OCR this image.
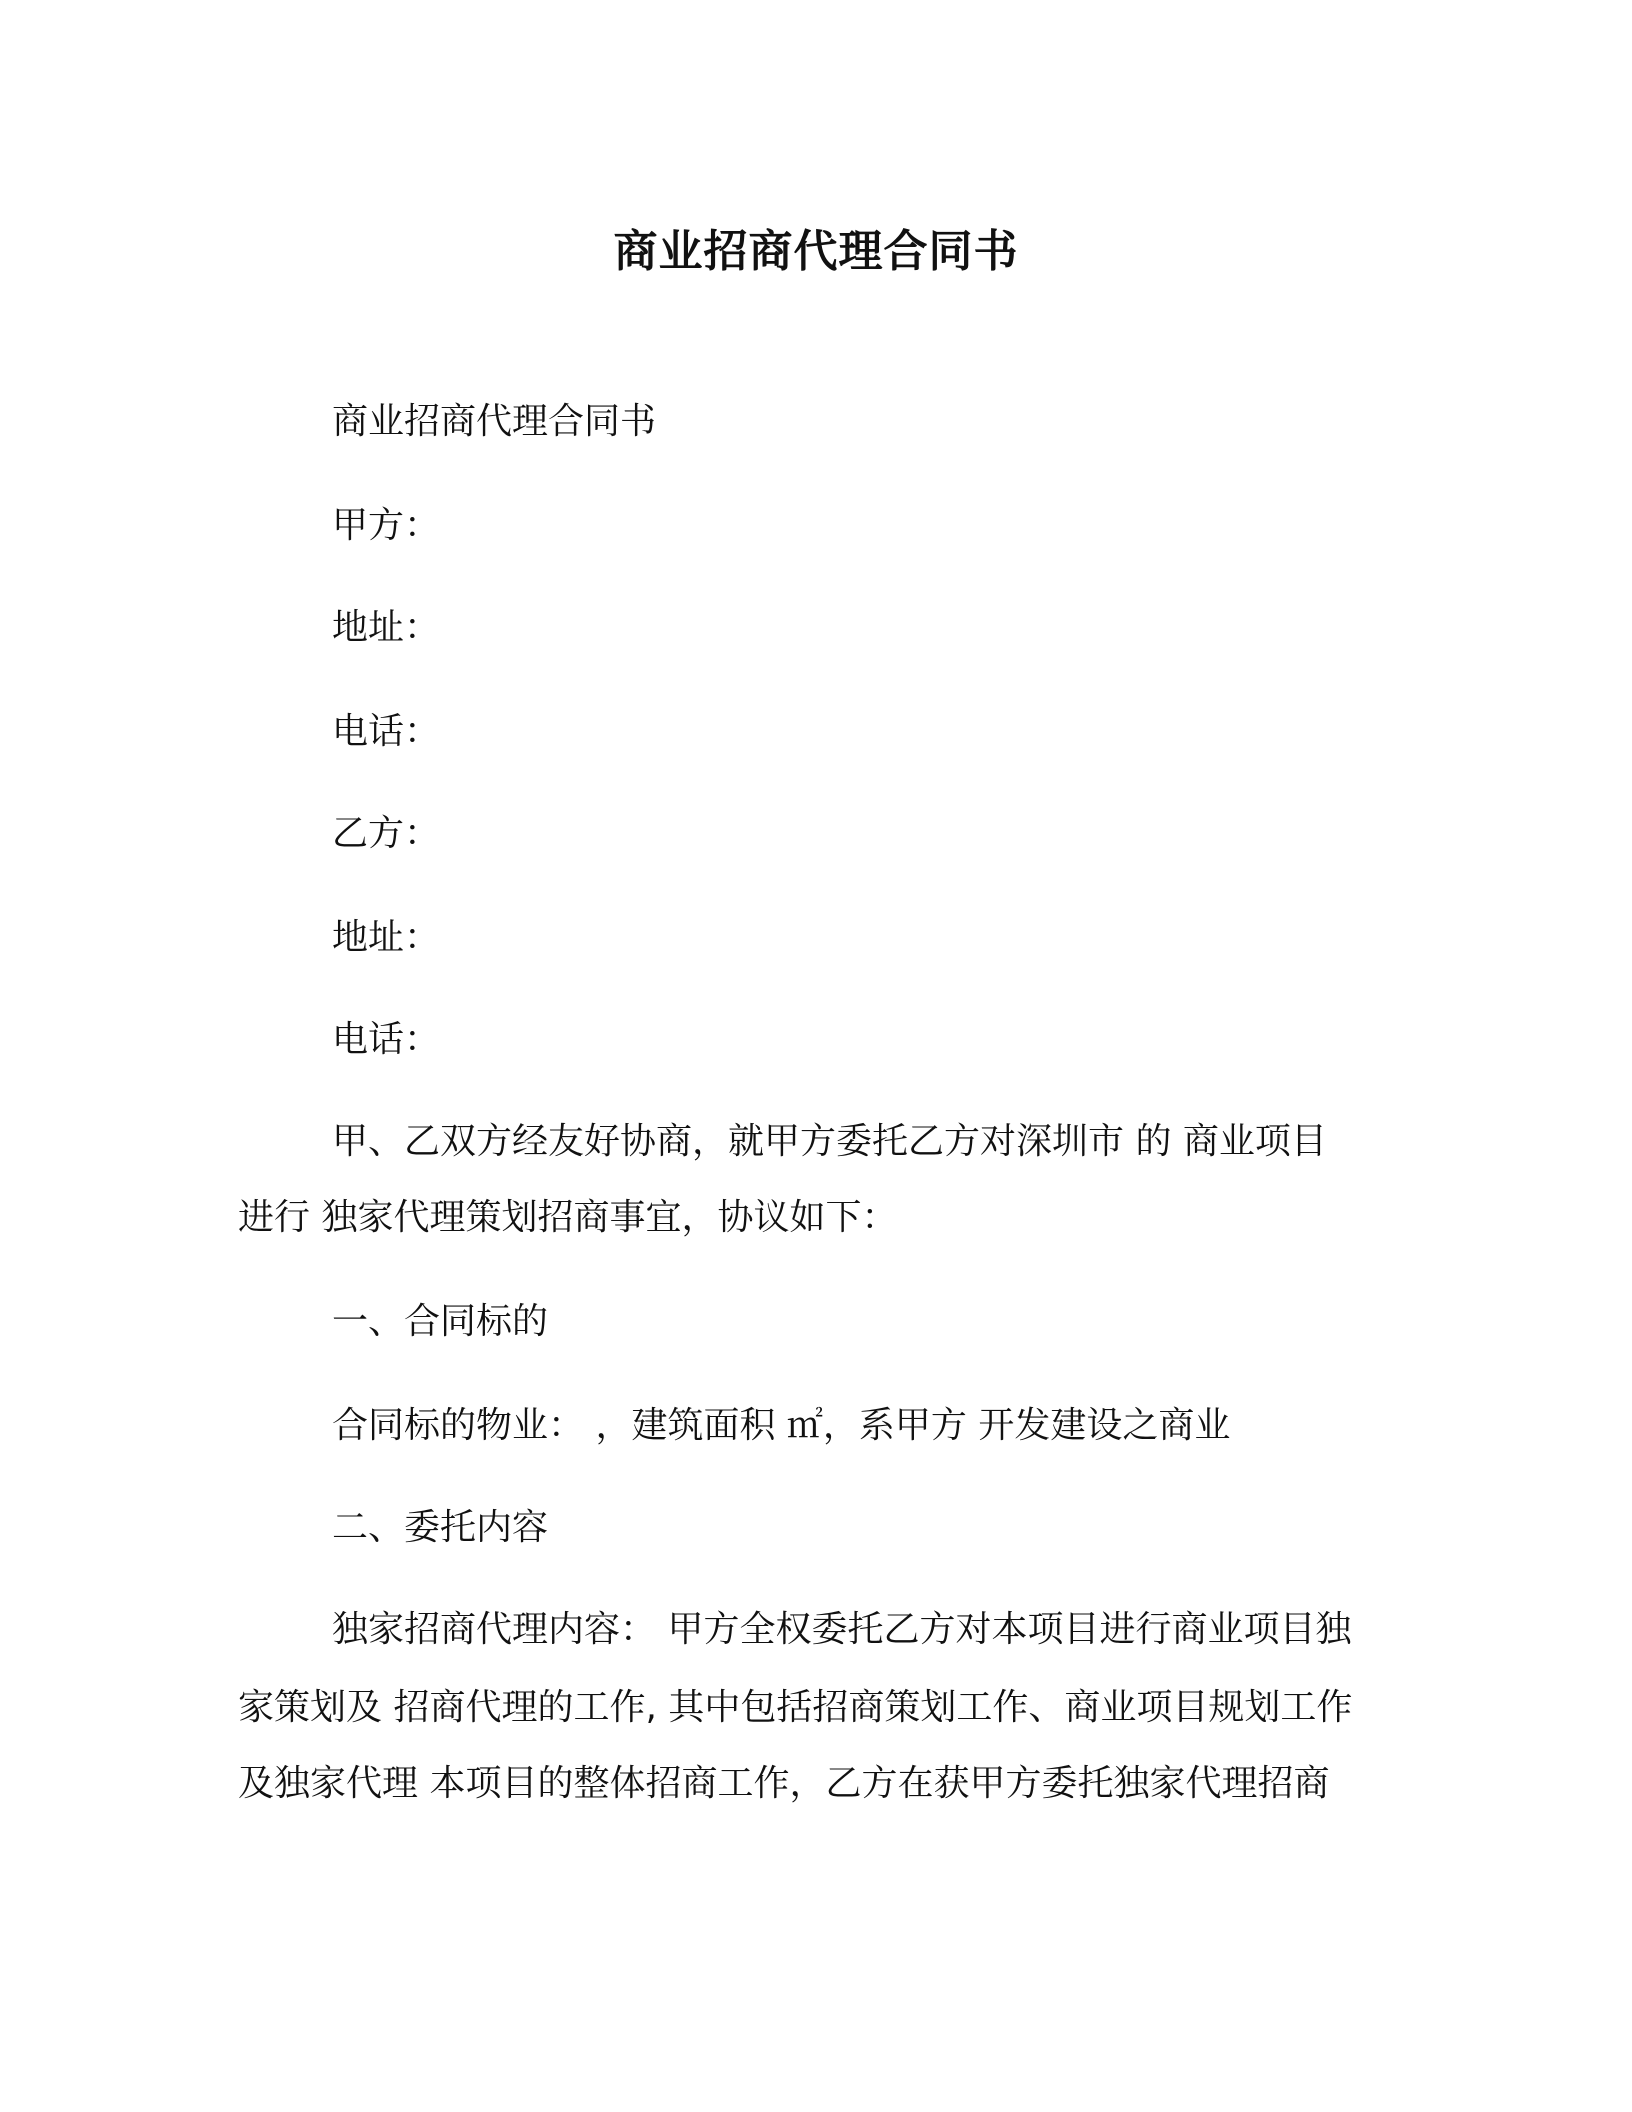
商业招商代理合同书
商业招商代理合同书
甲方：
地址：
电话：
乙方：
地址：
电话：
甲、乙双方经友好协商，就甲方委托乙方对深圳市 的 商业项目
进行 独家代理策划招商事宜，协议如下：
一、合同标的
合同标的物业： ，建筑面积 ㎡，系甲方 开发建设之商业
二、委托内容
独家招商代理内容： 甲方全权委托乙方对本项目进行商业项目独
家策划及 招商代理的工作, 其中包括招商策划工作、商业项目规划工作
及独家代理 本项目的整体招商工作，乙方在获甲方委托独家代理招商
